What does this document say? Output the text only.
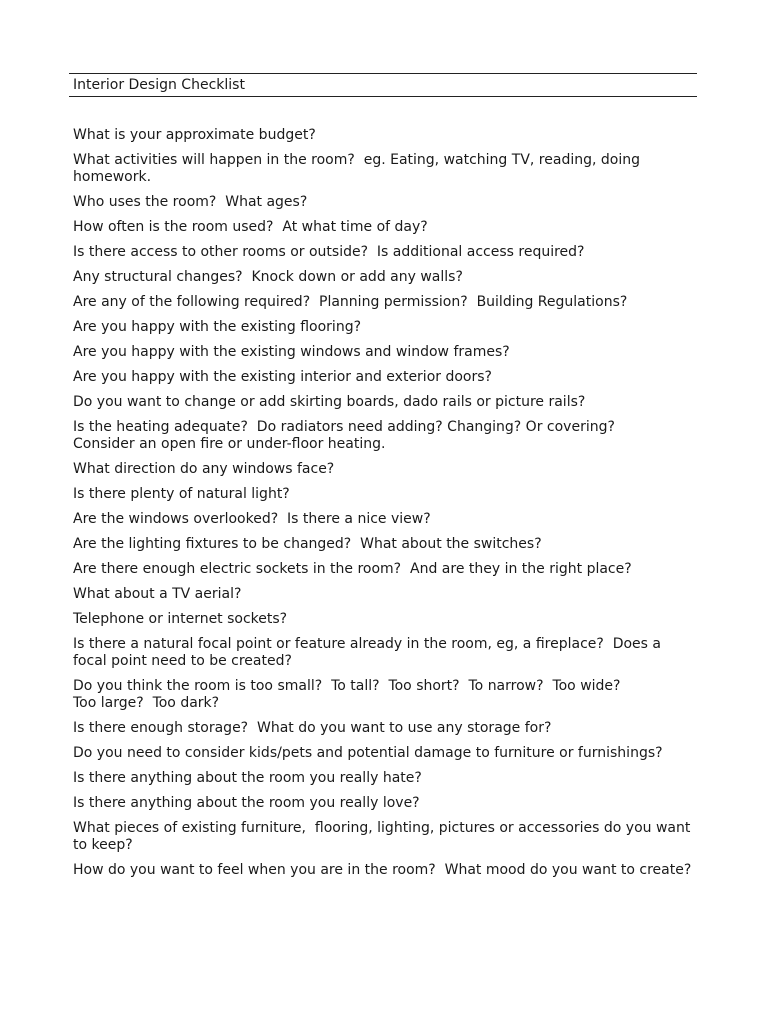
Interior Design Checklist
What is your approximate budget?
What activities will happen in the room?  eg. Eating, watching TV, reading, doing homework.
Who uses the room?  What ages?
How often is the room used?  At what time of day?
Is there access to other rooms or outside?  Is additional access required?
Any structural changes?  Knock down or add any walls?
Are any of the following required?  Planning permission?  Building Regulations?
Are you happy with the existing flooring?
Are you happy with the existing windows and window frames?
Are you happy with the existing interior and exterior doors?
Do you want to change or add skirting boards, dado rails or picture rails?
Is the heating adequate?  Do radiators need adding? Changing? Or covering?
Consider an open fire or under-floor heating.
What direction do any windows face?
Is there plenty of natural light?
Are the windows overlooked?  Is there a nice view?
Are the lighting fixtures to be changed?  What about the switches?
Are there enough electric sockets in the room?  And are they in the right place?
What about a TV aerial?
Telephone or internet sockets?
Is there a natural focal point or feature already in the room, eg, a fireplace?  Does a focal point need to be created?
Do you think the room is too small?  To tall?  Too short?  To narrow?  Too wide?
Too large?  Too dark?
Is there enough storage?  What do you want to use any storage for?
Do you need to consider kids/pets and potential damage to furniture or furnishings?
Is there anything about the room you really hate?
Is there anything about the room you really love?
What pieces of existing furniture,  flooring, lighting, pictures or accessories do you want to keep?
How do you want to feel when you are in the room?  What mood do you want to create?
